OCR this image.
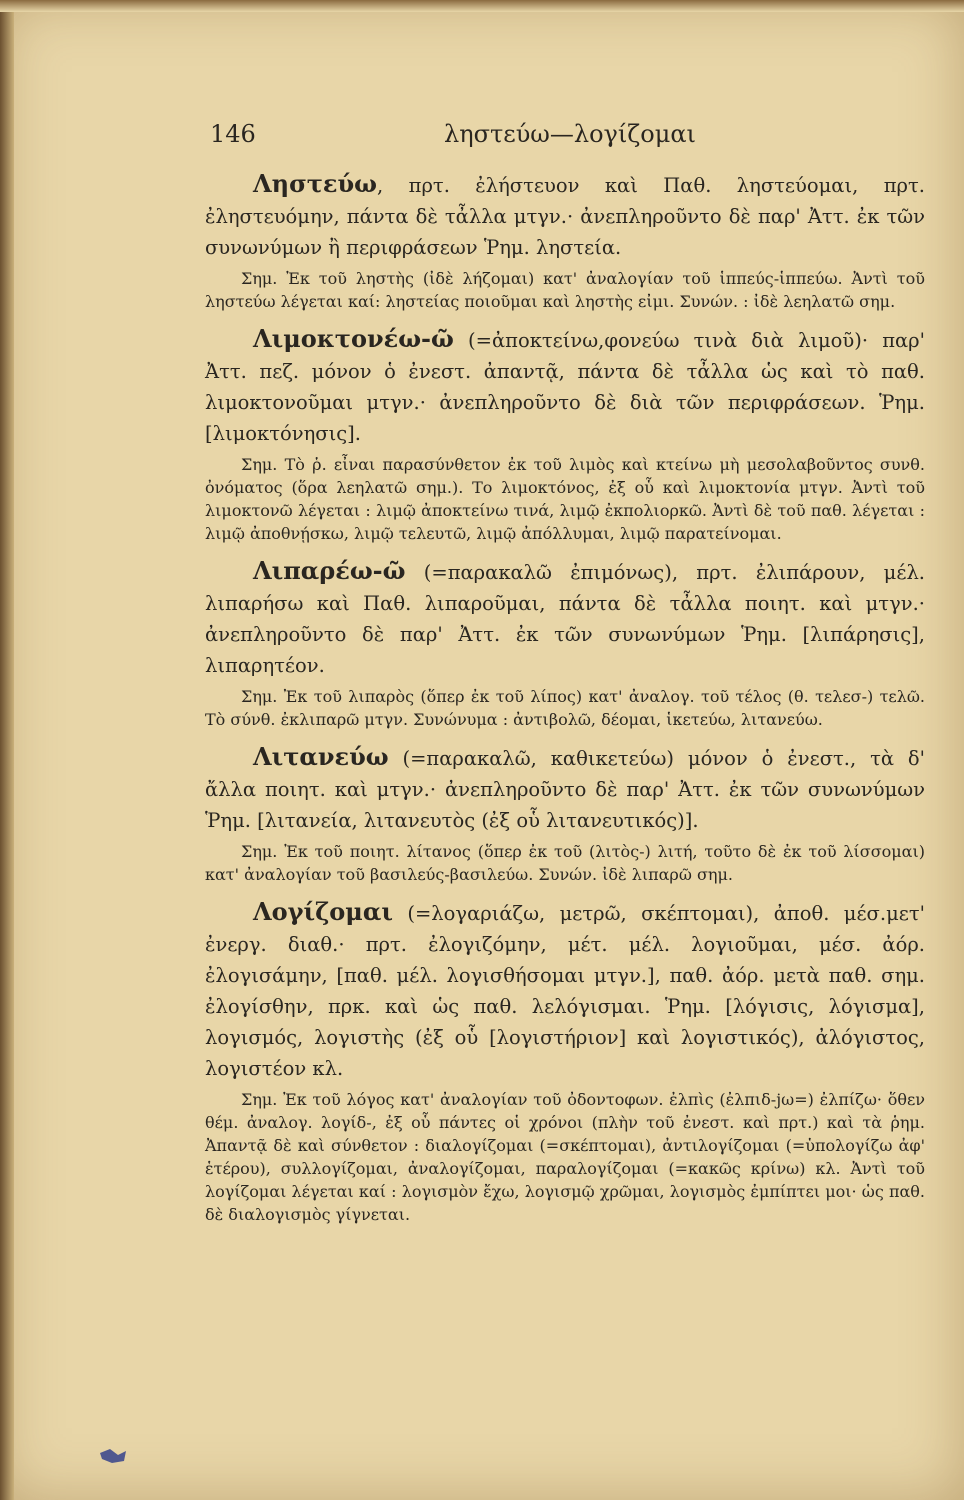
146	ληστεύω—λογίζομαι

Ληστεύω, πρτ. ἐλήστευον καὶ Παθ. ληστεύομαι, πρτ. ἐληστευόμην, πάντα δὲ τἆλλα μτγν.· ἀνεπληροῦντο δὲ παρ' Ἀττ. ἐκ τῶν συνωνύμων ἢ περιφράσεων Ῥημ. ληστεία.

Σημ. Ἐκ τοῦ ληστὴς (ἰδὲ λήζομαι) κατ' ἀναλογίαν τοῦ ἱππεύς-ἱππεύω. Ἀντὶ τοῦ ληστεύω λέγεται καί: ληστείας ποιοῦμαι καὶ ληστὴς εἰμι. Συνών. : ἰδὲ λεηλατῶ σημ.

Λιμοκτονέω-ῶ (=ἀποκτείνω,φονεύω τινὰ διὰ λιμοῦ)· παρ' Ἀττ. πεζ. μόνον ὁ ἐνεστ. ἀπαντᾷ, πάντα δὲ τἆλλα ὡς καὶ τὸ παθ. λιμοκτονοῦμαι μτγν.· ἀνεπληροῦντο δὲ διὰ τῶν περιφράσεων. Ῥημ. [λιμοκτόνησις].

Σημ. Τὸ ῥ. εἶναι παρασύνθετον ἐκ τοῦ λιμὸς καὶ κτείνω μὴ μεσολαβοῦντος συνθ. ὀνόματος (ὅρα λεηλατῶ σημ.). Το λιμοκτόνος, ἐξ οὗ καὶ λιμοκτονία μτγν. Ἀντὶ τοῦ λιμοκτονῶ λέγεται : λιμῷ ἀποκτείνω τινά, λιμῷ ἐκπολιορκῶ. Ἀντὶ δὲ τοῦ παθ. λέγεται : λιμῷ ἀποθνῄσκω, λιμῷ τελευτῶ, λιμῷ ἀπόλλυμαι, λιμῷ παρατείνομαι.

Λιπαρέω-ῶ (=παρακαλῶ ἐπιμόνως), πρτ. ἐλιπάρουν, μέλ. λιπαρήσω καὶ Παθ. λιπαροῦμαι, πάντα δὲ τἆλλα ποιητ. καὶ μτγν.· ἀνεπληροῦντο δὲ παρ' Ἀττ. ἐκ τῶν συνωνύμων Ῥημ. [λιπάρησις], λιπαρητέον.

Σημ. Ἐκ τοῦ λιπαρὸς (ὅπερ ἐκ τοῦ λίπος) κατ' ἀναλογ. τοῦ τέλος (θ. τελεσ-) τελῶ. Τὸ σύνθ. ἐκλιπαρῶ μτγν. Συνώνυμα : ἀντιβολῶ, δέομαι, ἱκετεύω, λιτανεύω.

Λιτανεύω (=παρακαλῶ, καθικετεύω) μόνον ὁ ἐνεστ., τὰ δ' ἄλλα ποιητ. καὶ μτγν.· ἀνεπληροῦντο δὲ παρ' Ἀττ. ἐκ τῶν συνωνύμων Ῥημ. [λιτανεία, λιτανευτὸς (ἐξ οὗ λιτανευτικός)].

Σημ. Ἐκ τοῦ ποιητ. λίτανος (ὅπερ ἐκ τοῦ (λιτὸς-) λιτή, τοῦτο δὲ ἐκ τοῦ λίσσομαι) κατ' ἀναλογίαν τοῦ βασιλεύς-βασιλεύω. Συνών. ἰδὲ λιπαρῶ σημ.

Λογίζομαι (=λογαριάζω, μετρῶ, σκέπτομαι), ἀποθ. μέσ.μετ' ἐνεργ. διαθ.· πρτ. ἐλογιζόμην, μέτ. μέλ. λογιοῦμαι, μέσ. ἀόρ. ἐλογισάμην, [παθ. μέλ. λογισθήσομαι μτγν.], παθ. ἀόρ. μετὰ παθ. σημ. ἐλογίσθην, πρκ. καὶ ὡς παθ. λελόγισμαι. Ῥημ. [λόγισις, λόγισμα], λογισμός, λογιστὴς (ἐξ οὗ [λογιστήριον] καὶ λογιστικός), ἀλόγιστος, λογιστέον κλ.

Σημ. Ἐκ τοῦ λόγος κατ' ἀναλογίαν τοῦ ὀδοντοφων. ἐλπὶς (ἐλπιδ-jω=) ἐλπίζω· ὅθεν θέμ. ἀναλογ. λογίδ-, ἐξ οὗ πάντες οἱ χρόνοι (πλὴν τοῦ ἐνεστ. καὶ πρτ.) καὶ τὰ ῥημ. Ἀπαντᾷ δὲ καὶ σύνθετον : διαλογίζομαι (=σκέπτομαι), ἀντιλογίζομαι (=ὑπολογίζω ἀφ' ἑτέρου), συλλογίζομαι, ἀναλογίζομαι, παραλογίζομαι (=κακῶς κρίνω) κλ. Ἀντὶ τοῦ λογίζομαι λέγεται καί : λογισμὸν ἔχω, λογισμῷ χρῶμαι, λογισμὸς ἐμπίπτει μοι· ὡς παθ. δὲ διαλογισμὸς γίγνεται.
